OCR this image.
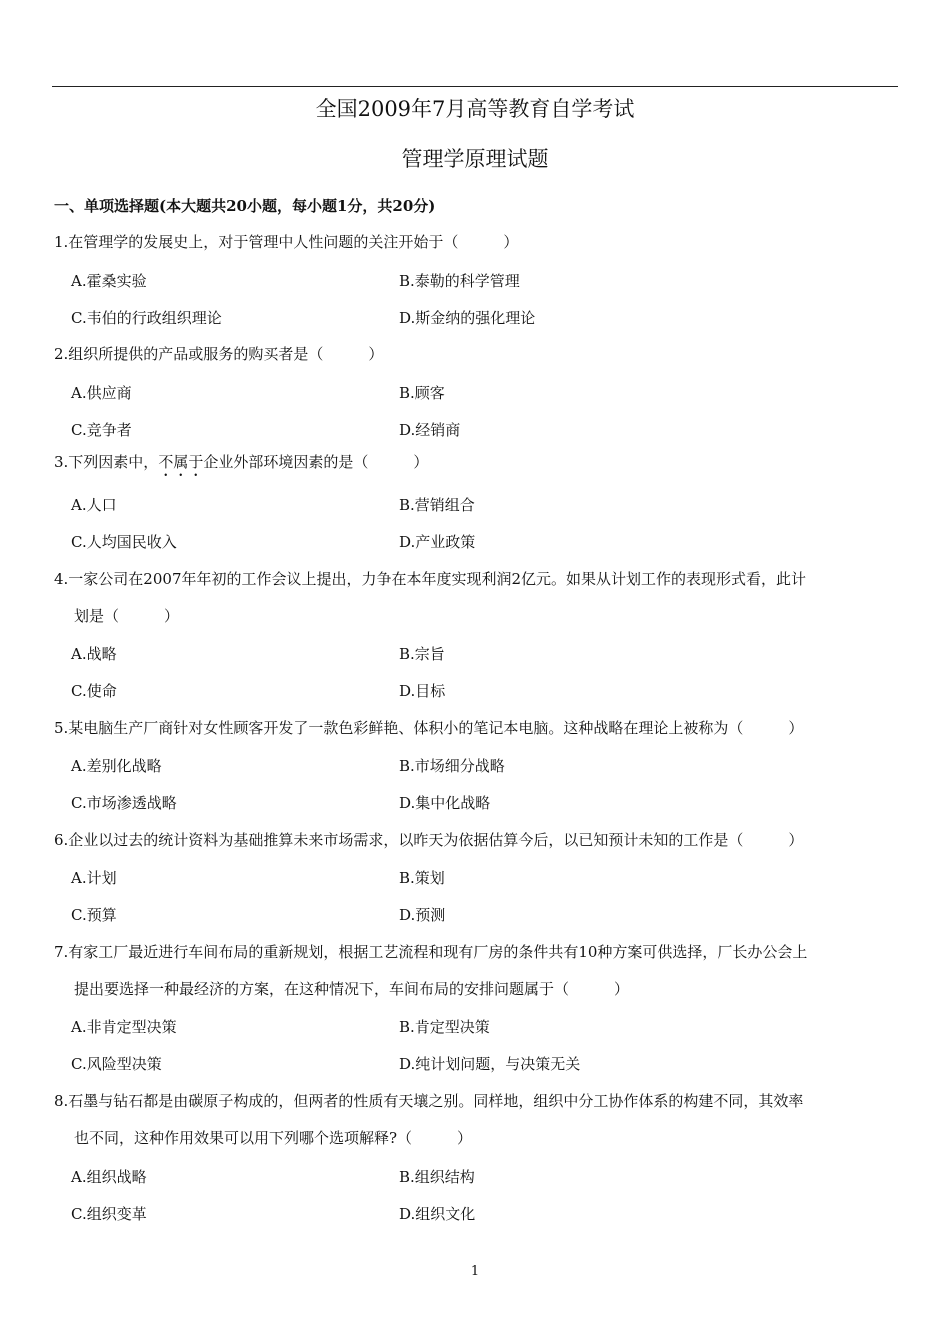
全国2009年7月高等教育自学考试
管理学原理试题
一、单项选择题(本大题共20小题，每小题1分，共20分)
1.在管理学的发展史上，对于管理中人性问题的关注开始于（　　　）
A.霍桑实验	B.泰勒的科学管理
C.韦伯的行政组织理论	D.斯金纳的强化理论
2.组织所提供的产品或服务的购买者是（　　　）
A.供应商	B.顾客
C.竞争者	D.经销商
3.下列因素中，不属于企业外部环境因素的是（　　　）
A.人口	B.营销组合
C.人均国民收入	D.产业政策
4.一家公司在2007年年初的工作会议上提出，力争在本年度实现利润2亿元。如果从计划工作的表现形式看，此计
划是（　　　）
A.战略	B.宗旨
C.使命	D.目标
5.某电脑生产厂商针对女性顾客开发了一款色彩鲜艳、体积小的笔记本电脑。这种战略在理论上被称为（　　　）
A.差别化战略	B.市场细分战略
C.市场渗透战略	D.集中化战略
6.企业以过去的统计资料为基础推算未来市场需求，以昨天为依据估算今后，以已知预计未知的工作是（　　　）
A.计划	B.策划
C.预算	D.预测
7.有家工厂最近进行车间布局的重新规划，根据工艺流程和现有厂房的条件共有10种方案可供选择，厂长办公会上
提出要选择一种最经济的方案，在这种情况下，车间布局的安排问题属于（　　　）
A.非肯定型决策	B.肯定型决策
C.风险型决策	D.纯计划问题，与决策无关
8.石墨与钻石都是由碳原子构成的，但两者的性质有天壤之别。同样地，组织中分工协作体系的构建不同，其效率
也不同，这种作用效果可以用下列哪个选项解释?（　　　）
A.组织战略	B.组织结构
C.组织变革	D.组织文化
1
